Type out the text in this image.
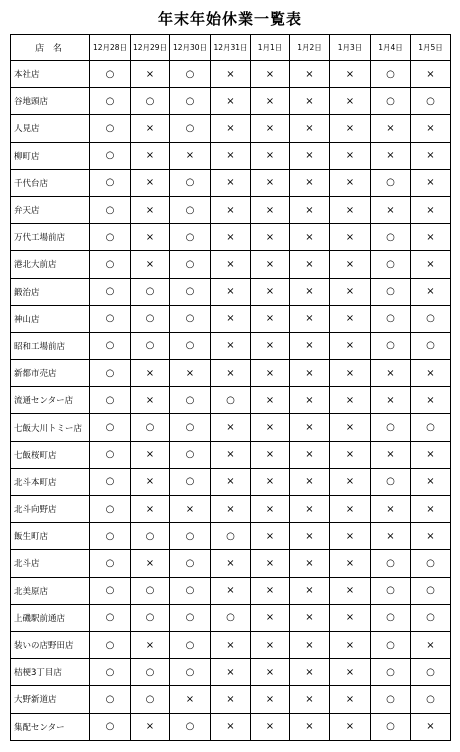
年末年始休業一覧表
店 名	12月28日	12月29日	12月30日	12月31日	1月1日	1月2日	1月3日	1月4日	1月5日
本社店	○	×	○	×	×	×	×	○	×
谷地頭店	○	○	○	×	×	×	×	○	○
人見店	○	×	○	×	×	×	×	×	×
柳町店	○	×	×	×	×	×	×	×	×
千代台店	○	×	○	×	×	×	×	○	×
弁天店	○	×	○	×	×	×	×	×	×
万代工場前店	○	×	○	×	×	×	×	○	×
港北大前店	○	×	○	×	×	×	×	○	×
鍛治店	○	○	○	×	×	×	×	○	×
神山店	○	○	○	×	×	×	×	○	○
昭和工場前店	○	○	○	×	×	×	×	○	○
新都市売店	○	×	×	×	×	×	×	×	×
流通センター店	○	×	○	○	×	×	×	×	×
七飯大川トミー店	○	○	○	×	×	×	×	○	○
七飯桜町店	○	×	○	×	×	×	×	×	×
北斗本町店	○	×	○	×	×	×	×	○	×
北斗向野店	○	×	×	×	×	×	×	×	×
飯生町店	○	○	○	○	×	×	×	×	×
北斗店	○	×	○	×	×	×	×	○	○
北美原店	○	○	○	×	×	×	×	○	○
上磯駅前通店	○	○	○	○	×	×	×	○	○
装いの店野田店	○	×	○	×	×	×	×	○	×
桔梗3丁目店	○	○	○	×	×	×	×	○	○
大野新道店	○	○	×	×	×	×	×	○	○
集配センター	○	×	○	×	×	×	×	○	×
